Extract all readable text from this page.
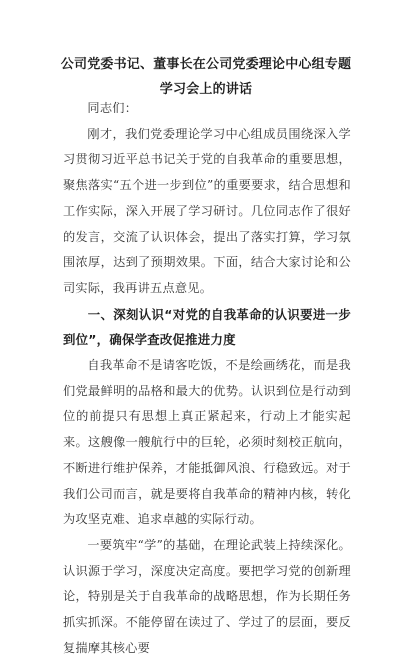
公司党委书记、董事长在公司党委理论中心组专题学习会上的讲话

同志们：

刚才，我们党委理论学习中心组成员围绕深入学习贯彻习近平总书记关于党的自我革命的重要思想，聚焦落实“五个进一步到位”的重要要求，结合思想和工作实际，深入开展了学习研讨。几位同志作了很好的发言，交流了认识体会，提出了落实打算，学习氛围浓厚，达到了预期效果。下面，结合大家讨论和公司实际，我再讲五点意见。

一、深刻认识“对党的自我革命的认识要进一步到位”，确保学查改促推进力度

自我革命不是请客吃饭，不是绘画绣花，而是我们党最鲜明的品格和最大的优势。认识到位是行动到位的前提只有思想上真正紧起来，行动上才能实起来。这艘像一艘航行中的巨轮，必须时刻校正航向，不断进行维护保养，才能抵御风浪、行稳致远。对于我们公司而言，就是要将自我革命的精神内核，转化为攻坚克难、追求卓越的实际行动。

一要筑牢“学”的基础，在理论武装上持续深化。认识源于学习，深度决定高度。要把学习党的创新理论，特别是关于自我革命的战略思想，作为长期任务抓实抓深。不能停留在读过了、学过了的层面，要反复揣摩其核心要
